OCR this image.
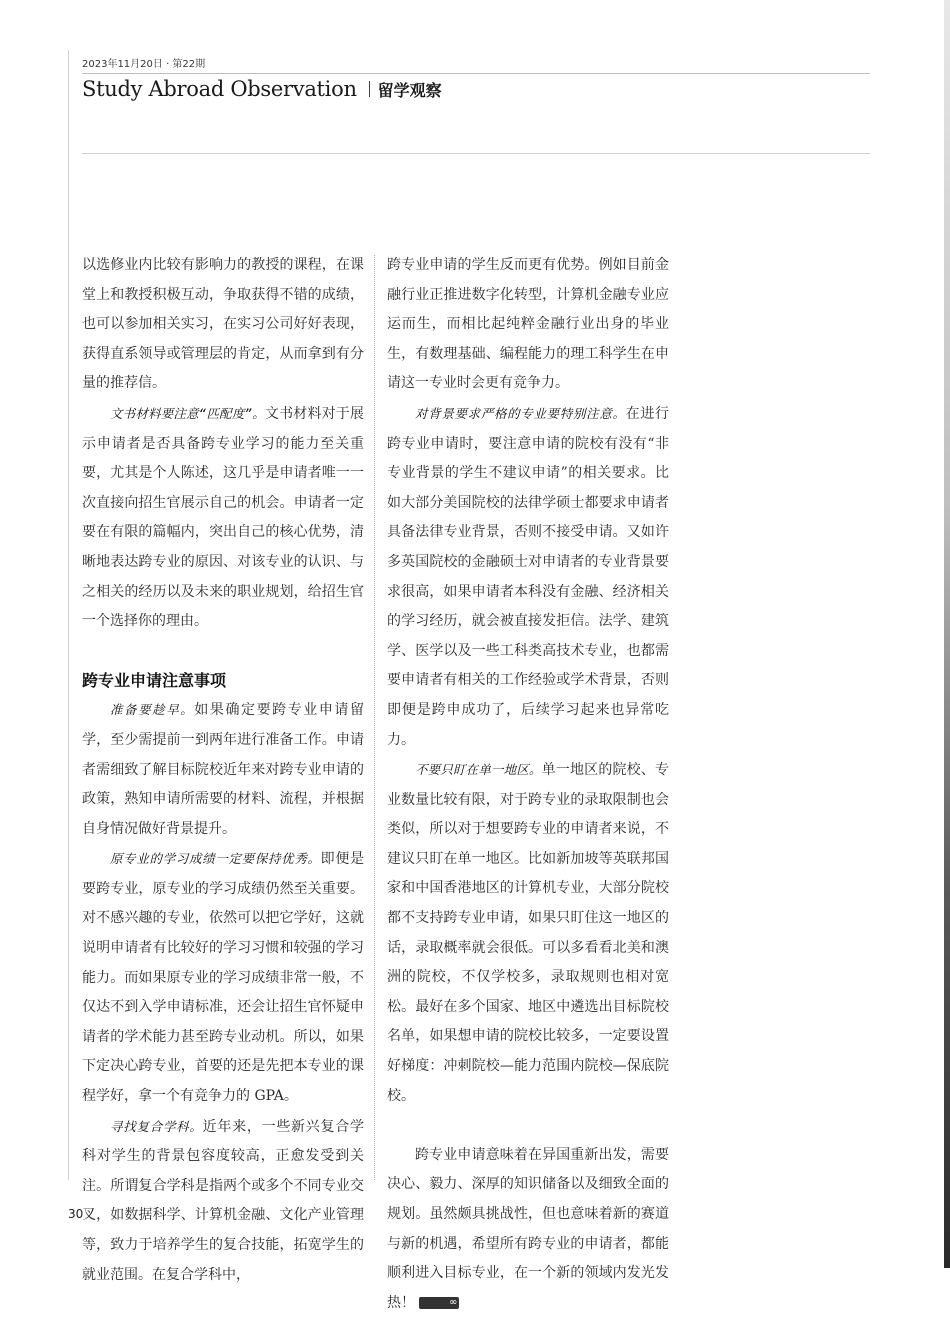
2023年11月20日 · 第22期
Study Abroad Observation 留学观察

以选修业内比较有影响力的教授的课程，在课堂上和教授积极互动，争取获得不错的成绩，也可以参加相关实习，在实习公司好好表现，获得直系领导或管理层的肯定，从而拿到有分量的推荐信。

文书材料要注意“匹配度”。文书材料对于展示申请者是否具备跨专业学习的能力至关重要，尤其是个人陈述，这几乎是申请者唯一一次直接向招生官展示自己的机会。申请者一定要在有限的篇幅内，突出自己的核心优势，清晰地表达跨专业的原因、对该专业的认识、与之相关的经历以及未来的职业规划，给招生官一个选择你的理由。

跨专业申请注意事项

准备要趁早。如果确定要跨专业申请留学，至少需提前一到两年进行准备工作。申请者需细致了解目标院校近年来对跨专业申请的政策，熟知申请所需要的材料、流程，并根据自身情况做好背景提升。

原专业的学习成绩一定要保持优秀。即便是要跨专业，原专业的学习成绩仍然至关重要。对不感兴趣的专业，依然可以把它学好，这就说明申请者有比较好的学习习惯和较强的学习能力。而如果原专业的学习成绩非常一般，不仅达不到入学申请标准，还会让招生官怀疑申请者的学术能力甚至跨专业动机。所以，如果下定决心跨专业，首要的还是先把本专业的课程学好，拿一个有竞争力的 GPA。

寻找复合学科。近年来，一些新兴复合学科对学生的背景包容度较高，正愈发受到关注。所谓复合学科是指两个或多个不同专业交叉，如数据科学、计算机金融、文化产业管理等，致力于培养学生的复合技能，拓宽学生的就业范围。在复合学科中，

跨专业申请的学生反而更有优势。例如目前金融行业正推进数字化转型，计算机金融专业应运而生，而相比起纯粹金融行业出身的毕业生，有数理基础、编程能力的理工科学生在申请这一专业时会更有竞争力。

对背景要求严格的专业要特别注意。在进行跨专业申请时，要注意申请的院校有没有“非专业背景的学生不建议申请”的相关要求。比如大部分美国院校的法律学硕士都要求申请者具备法律专业背景，否则不接受申请。又如许多英国院校的金融硕士对申请者的专业背景要求很高，如果申请者本科没有金融、经济相关的学习经历，就会被直接发拒信。法学、建筑学、医学以及一些工科类高技术专业，也都需要申请者有相关的工作经验或学术背景，否则即便是跨申成功了，后续学习起来也异常吃力。

不要只盯在单一地区。单一地区的院校、专业数量比较有限，对于跨专业的录取限制也会类似，所以对于想要跨专业的申请者来说，不建议只盯在单一地区。比如新加坡等英联邦国家和中国香港地区的计算机专业，大部分院校都不支持跨专业申请，如果只盯住这一地区的话，录取概率就会很低。可以多看看北美和澳洲的院校，不仅学校多，录取规则也相对宽松。最好在多个国家、地区中遴选出目标院校名单，如果想申请的院校比较多，一定要设置好梯度：冲刺院校—能力范围内院校—保底院校。

跨专业申请意味着在异国重新出发，需要决心、毅力、深厚的知识储备以及细致全面的规划。虽然颇具挑战性，但也意味着新的赛道与新的机遇，希望所有跨专业的申请者，都能顺利进入目标专业，在一个新的领域内发光发热！	∞

30
